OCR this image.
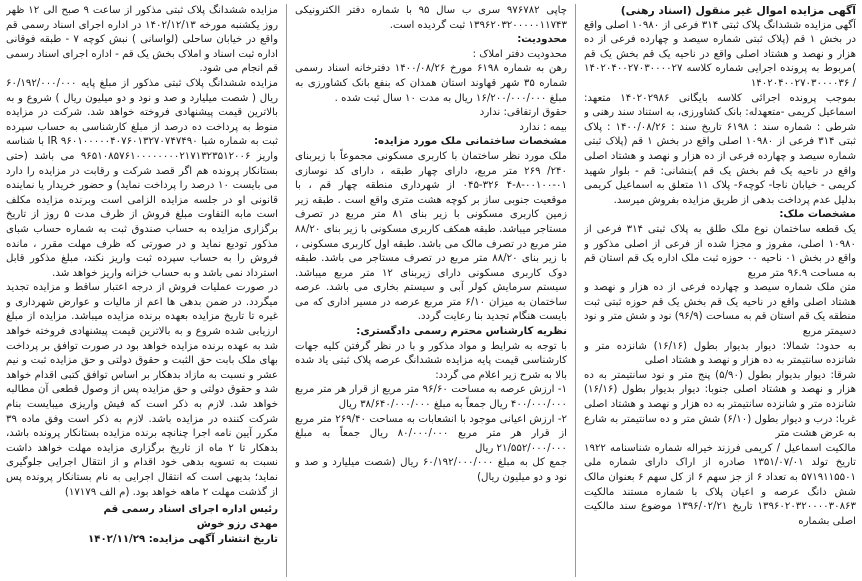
آگهی مزایده اموال غیر منقول (اسناد رهنی)

آگهی مزایده ششدانگ پلاک ثبتی ۳۱۴ فرعی از ۱۰۹۸۰ اصلی واقع در بخش ۱ قم (پلاک ثبتی شماره سیصد و چهارده فرعی از ده هزار و نهصد و هشتاد اصلی واقع در ناحیه یک قم بخش یک قم )مربوط به پرونده اجرایی شماره کلاسه ۱۴۰۲۰۴۰۰۲۷۰۳۰۰۰۰۲۷ / ۱۴۰۲۰۴۰۰۲۷۰۳۰۰۰۰۳۶

بموجب پرونده اجرائی کلاسه بایگانی ۱۴۰۲۰۲۹۸۶ متعهد: اسماعیل کریمی -متعهدله: بانک کشاورزی، به استناد سند رهنی و شرطی : شماره سند : ۶۱۹۸ تاریخ سند : ۱۴۰۰/۰۸/۲۶ : پلاک ثبتی ۳۱۴ فرعی از ۱۰۹۸۰ اصلی واقع در بخش ۱ قم (پلاک ثبتی شماره سیصد و چهارده فرعی از ده هزار و نهصد و هشتاد اصلی واقع در ناحیه یک قم بخش یک قم )بنشانی: قم - بلوار شهید کریمی - خیابان ناجا- کوچه۶- پلاک ۱۱ متعلق به اسماعیل کریمی بدلیل عدم پرداخت بدهی از طریق مزایده بفروش میرسد.

مشخصات ملک:

یک قطعه ساختمان نوع ملک طلق به پلاک ثبتی ۳۱۴ فرعی از ۱۰۹۸۰ اصلی، مفروز و مجزا شده از فرعی از اصلی مذکور و واقع در بخش ۰۱ ناحیه ۰۰ حوزه ثبت ملک اداره یک قم استان قم به مساحت ۹۶.۹ متر مربع

متن ملک شماره سیصد و چهارده فرعی از ده هزار و نهصد و هشتاد اصلی واقع در ناحیه یک قم بخش یک قم حوزه ثبتی ثبت منطقه یک قم استان قم به مساحت (۹۶/۹) نود و شش متر و نود دسیمتر مربع

به حدود: شمالا: دیوار بدیوار بطول (۱۶/۱۶) شانزده متر و شانزده سانتیمتر به ده هزار و نهصد و هشتاد اصلی

شرقا: دیوار بدیوار بطول (۵/۹۰) پنج متر و نود سانتیمتر به ده هزار و نهصد و هشتاد اصلی جنوبا: دیوار بدیوار بطول (۱۶/۱۶) شانزده متر و شانزده سانتیمتر به ده هزار و نهصد و هشتاد اصلی غربا: درب و دیوار بطول (۶/۱۰) شش متر و ده سانتیمتر به شارع به عرض هشت متر

مالکیت اسماعیل / کریمی فرزند خیراله شماره شناسنامه ۱۹۲۲ تاریخ تولد ۱۳۵۱/۰۷/۰۱ صادره از اراک دارای شماره ملی ۵۷۱۹۱۱۵۵۰۱ به تعداد ۶ از جز سهم ۶ از کل سهم ۶ بعنوان مالک شش دانگ عرصه و اعیان پلاک با شماره مستند مالکیت ۱۳۹۶۰۲۰۳۲۰۰۰۰۳۰۸۶۳ تاریخ ۱۳۹۶/۰۲/۲۱ موضوع سند مالکیت اصلی بشماره

چاپی ۹۷۶۷۸۲ سری ب سال ۹۵ با شماره دفتر الکترونیکی ۱۳۹۶۲۰۳۲۰۰۰۰۰۱۱۷۴۳ ثبت گردیده است.

محدودیت:

محدودیت دفتر املاک :

رهن به شماره ۶۱۹۸ مورخ ۱۴۰۰/۰۸/۲۶ دفترخانه اسناد رسمی شماره ۳۵ شهر قهاوند استان همدان که بنفع بانک کشاورزی به مبلغ ۱۶/۲۰۰/۰۰۰/۰۰۰ ریال به مدت ۱۰ سال ثبت شده .

حقوق ارتفاقی: ندارد

بیمه : ندارد

مشخصات ساختمانی ملک مورد مزایده:

ملک مورد نظر ساختمان با کاربری مسکونی مجموعاً با زیربنای ۲۴۰/ ۲۶۹ متر مربع، دارای چهار طبقه ، دارای کد نوسازی ۰۱-۰۰۱۰۰-۸-۴ ۳۲۶-۰۴۵ از شهرداری منطقه چهار قم ، با موقعیت جنوبی ساز بر کوچه هشت متری واقع است . طبقه زیر زمین کاربری مسکونی با زیر بنای ۸۱ متر مربع در تصرف مستاجر میباشد. طبقه همکف کاربری مسکونی با زیر بنای ۸۸/۲۰ متر مربع در تصرف مالک می باشد. طبقه اول کاربری مسکونی ، با زیر بنای ۸۸/۲۰ متر مربع در تصرف مستاجر می باشد. طبقه دوک کاربری مسکونی دارای زیربنای ۱۲ متر مربع میباشد. سیستم سرمایش کولر آبی و سیستم بخاری می باشد. عرصه ساختمان به میزان ۶/۱۰ متر مربع عرصه در مسیر اداری که می بایست هنگام تجدید بنا رعایت گردد.

نظریه کارشناس محترم رسمی دادگستری:

با توجه به شرایط و مواد مذکور و با در نظر گرفتن کلیه جهات کارشناسی قیمت پایه مزایده ششدانگ عرصه پلاک ثبتی یاد شده بالا به شرح زیر اعلام می گردد:

۱- ارزش عرصه به مساحت ۹۶/۶۰ متر مربع از قرار هر متر مربع ۴۰۰/۰۰۰/۰۰۰ ریال جمعاً به مبلغ ۳۸/۶۴۰/۰۰۰/۰۰۰ ریال

۲- ارزش اعیانی موجود با انشعابات به مساحت ۲۶۹/۴۰ متر مربع از قرار هر متر مربع ۸۰/۰۰۰/۰۰۰ ریال جمعاً به مبلغ ۲۱/۵۵۲/۰۰۰/۰۰۰ ریال

جمع کل به مبلغ ۶۰/۱۹۲/۰۰۰/۰۰۰ ریال (شصت میلیارد و صد و نود و دو میلیون ریال)

مزایده ششدانگ پلاک ثبتی مذکور از ساعت ۹ صبح الی ۱۲ ظهر روز یکشنبه مورخه ۱۴۰۲/۱۲/۱۳ در اداره اجرای اسناد رسمی قم واقع در خیابان ساحلی (لواسانی ) نبش کوچه ۷ - طبقه فوقانی اداره ثبت اسناد و املاک بخش یک قم - اداره اجرای اسناد رسمی قم انجام می شود.

مزایده ششدانگ پلاک ثبتی مذکور از مبلغ پایه ۶۰/۱۹۲/۰۰۰/۰۰۰ ریال ( شصت میلیارد و صد و نود و دو میلیون ریال ) شروع و به بالاترین قیمت پیشنهادی فروخته خواهد شد. شرکت در مزایده منوط به پرداخت ده درصد از مبلغ کارشناسی به حساب سپرده ثبت به شماره شبا IR ۹۶۰۱۰۰۰۰۰۴۰۷۶۰۱۳۲۷۰۷۴۷۴۹۰ با شناسه واریز ۹۶۵۱۰۸۵۷۶۱۰۰۰۰۰۰۰۰۲۱۷۱۳۲۳۵۱۲۰۰۶ می باشد (حتی بستانکار پرونده هم اگر قصد شرکت و رقابت در مزایده را دارد می بایست ۱۰ درصد را پرداخت نماید) و حضور خریدار یا نماینده قانونی او در جلسه مزایده الزامی است وبرنده مزایده مکلف است مابه التفاوت مبلغ فروش از ظرف مدت ۵ روز از تاریخ برگزاری مزایده به حساب صندوق ثبت به شماره حساب شبای مذکور تودیع نماید و در صورتی که ظرف مهلت مقرر ، مانده فروش را به حساب سپرده ثبت واریز نکند، مبلغ مذکور قابل استرداد نمی باشد و به حساب خزانه واریز خواهد شد.

در صورت عملیات فروش از درجه اعتبار ساقط و مزایده تجدید میگردد. در ضمن بدهی ها اعم از مالیات و عوارض شهرداری و غیره تا تاریخ مزایده بعهده برنده مزایده میباشد. مزایده از مبلغ ارزیابی شده شروع و به بالاترین قیمت پیشنهادی فروخته خواهد شد به عهده برنده مزایده خواهد بود در صورت توافق بر پرداخت بهای ملک بابت حق الثبت و حقوق دولتی و حق مزایده ثبت و نیم عشر و نسبت به مازاد بدهکار بر اساس توافق کتبی اقدام خواهد شد و حقوق دولتی و حق مزایده پس از وصول قطعی آن مطالبه خواهد شد. لازم به ذکر است که فیش واریزی میبایست بنام شرکت کننده در مزایده باشد. لازم به ذکر است وفق ماده ۳۹ مکرر آیین نامه اجرا چنانچه برنده مزایده بستانکار پرونده باشد، بدهکار تا ۲ ماه از تاریخ برگزاری مزایده مهلت خواهد داشت نسبت به تسویه بدهی خود اقدام و از انتقال اجرایی جلوگیری نماید؛ بدیهی است که انتقال اجرایی به نام بستانکار پرونده پس از گذشت مهلت ۲ ماهه خواهد بود. (م الف ۱۷۱۷۹)

رئیس اداره اجرای اسناد رسمی قم
مهدی رزو خوش
تاریخ انتشار آگهی مزایده: ۱۴۰۲/۱۱/۲۹
